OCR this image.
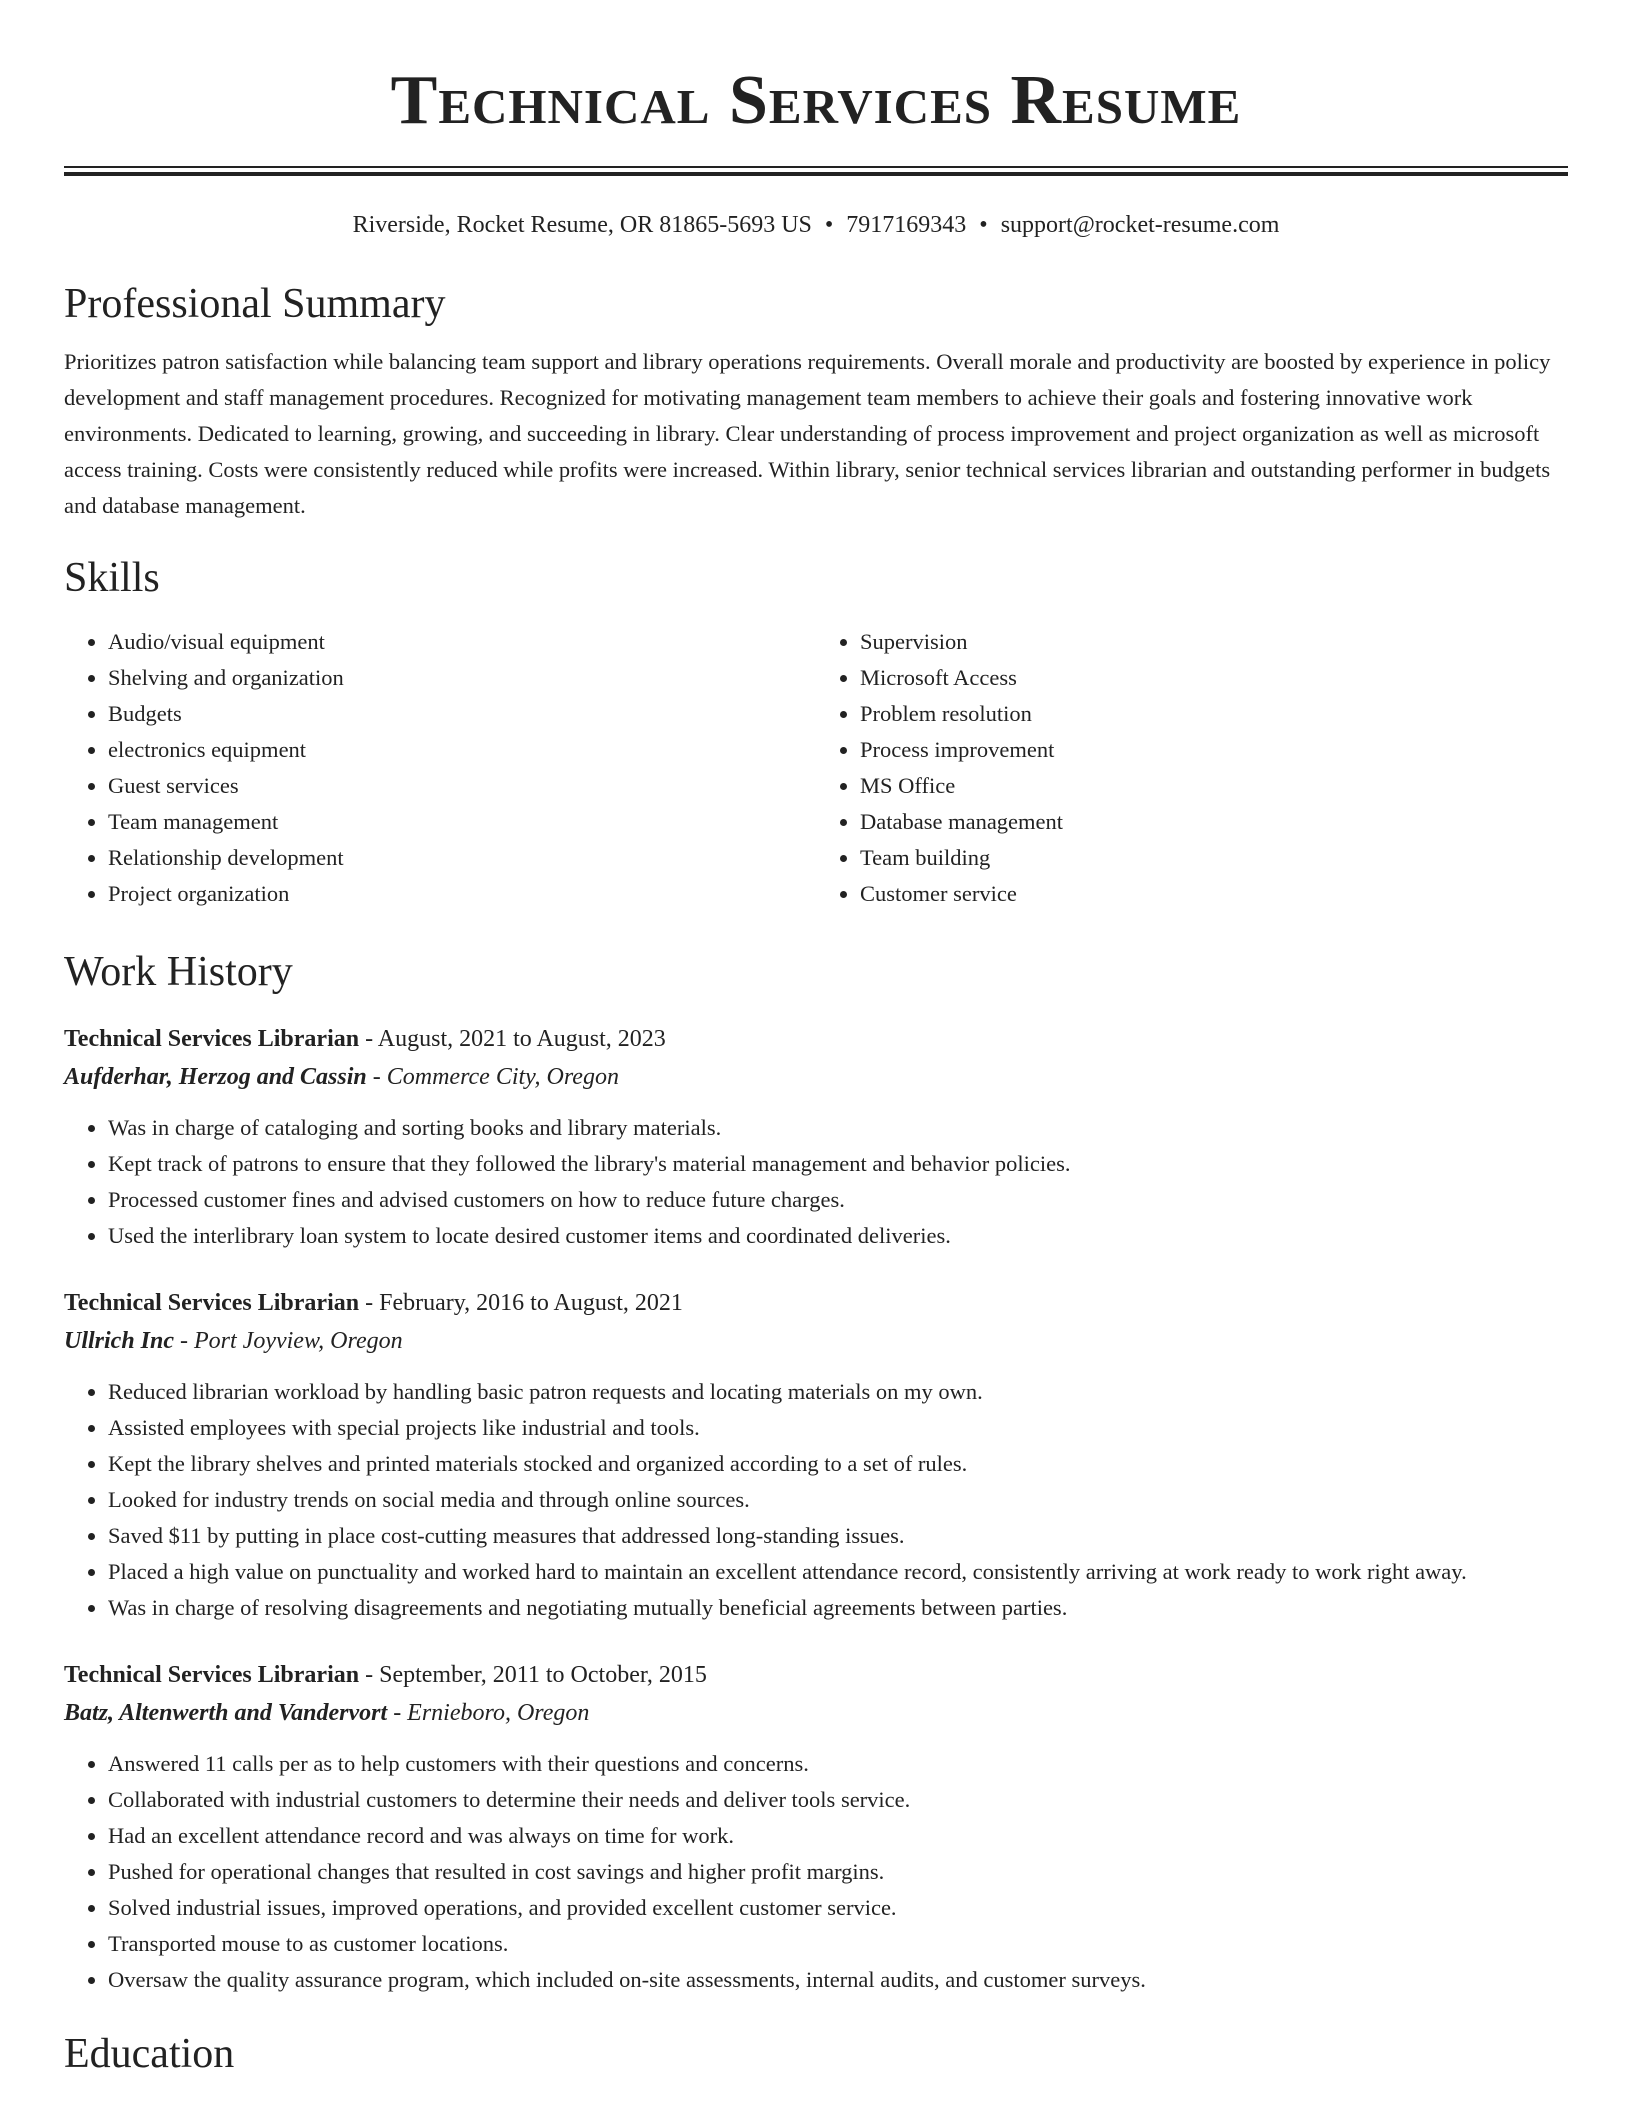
Technical Services Resume
Riverside, Rocket Resume, OR 81865-5693 US • 7917169343 • support@rocket-resume.com
Professional Summary

Prioritizes patron satisfaction while balancing team support and library operations requirements. Overall morale and productivity are boosted by experience in policy development and staff management procedures. Recognized for motivating management team members to achieve their goals and fostering innovative work environments. Dedicated to learning, growing, and succeeding in library. Clear understanding of process improvement and project organization as well as microsoft access training. Costs were consistently reduced while profits were increased. Within library, senior technical services librarian and outstanding performer in budgets and database management.

Skills
• Audio/visual equipment
• Shelving and organization
• Budgets
• electronics equipment
• Guest services
• Team management
• Relationship development
• Project organization
• Supervision
• Microsoft Access
• Problem resolution
• Process improvement
• MS Office
• Database management
• Team building
• Customer service
Work History
Technical Services Librarian - August, 2021 to August, 2023
Aufderhar, Herzog and Cassin - Commerce City, Oregon
• Was in charge of cataloging and sorting books and library materials.
• Kept track of patrons to ensure that they followed the library's material management and behavior policies.
• Processed customer fines and advised customers on how to reduce future charges.
• Used the interlibrary loan system to locate desired customer items and coordinated deliveries.
Technical Services Librarian - February, 2016 to August, 2021
Ullrich Inc - Port Joyview, Oregon
• Reduced librarian workload by handling basic patron requests and locating materials on my own.
• Assisted employees with special projects like industrial and tools.
• Kept the library shelves and printed materials stocked and organized according to a set of rules.
• Looked for industry trends on social media and through online sources.
• Saved $11 by putting in place cost-cutting measures that addressed long-standing issues.
• Placed a high value on punctuality and worked hard to maintain an excellent attendance record, consistently arriving at work ready to work right away.
• Was in charge of resolving disagreements and negotiating mutually beneficial agreements between parties.
Technical Services Librarian - September, 2011 to October, 2015
Batz, Altenwerth and Vandervort - Ernieboro, Oregon
• Answered 11 calls per as to help customers with their questions and concerns.
• Collaborated with industrial customers to determine their needs and deliver tools service.
• Had an excellent attendance record and was always on time for work.
• Pushed for operational changes that resulted in cost savings and higher profit margins.
• Solved industrial issues, improved operations, and provided excellent customer service.
• Transported mouse to as customer locations.
• Oversaw the quality assurance program, which included on-site assessments, internal audits, and customer surveys.
Education
